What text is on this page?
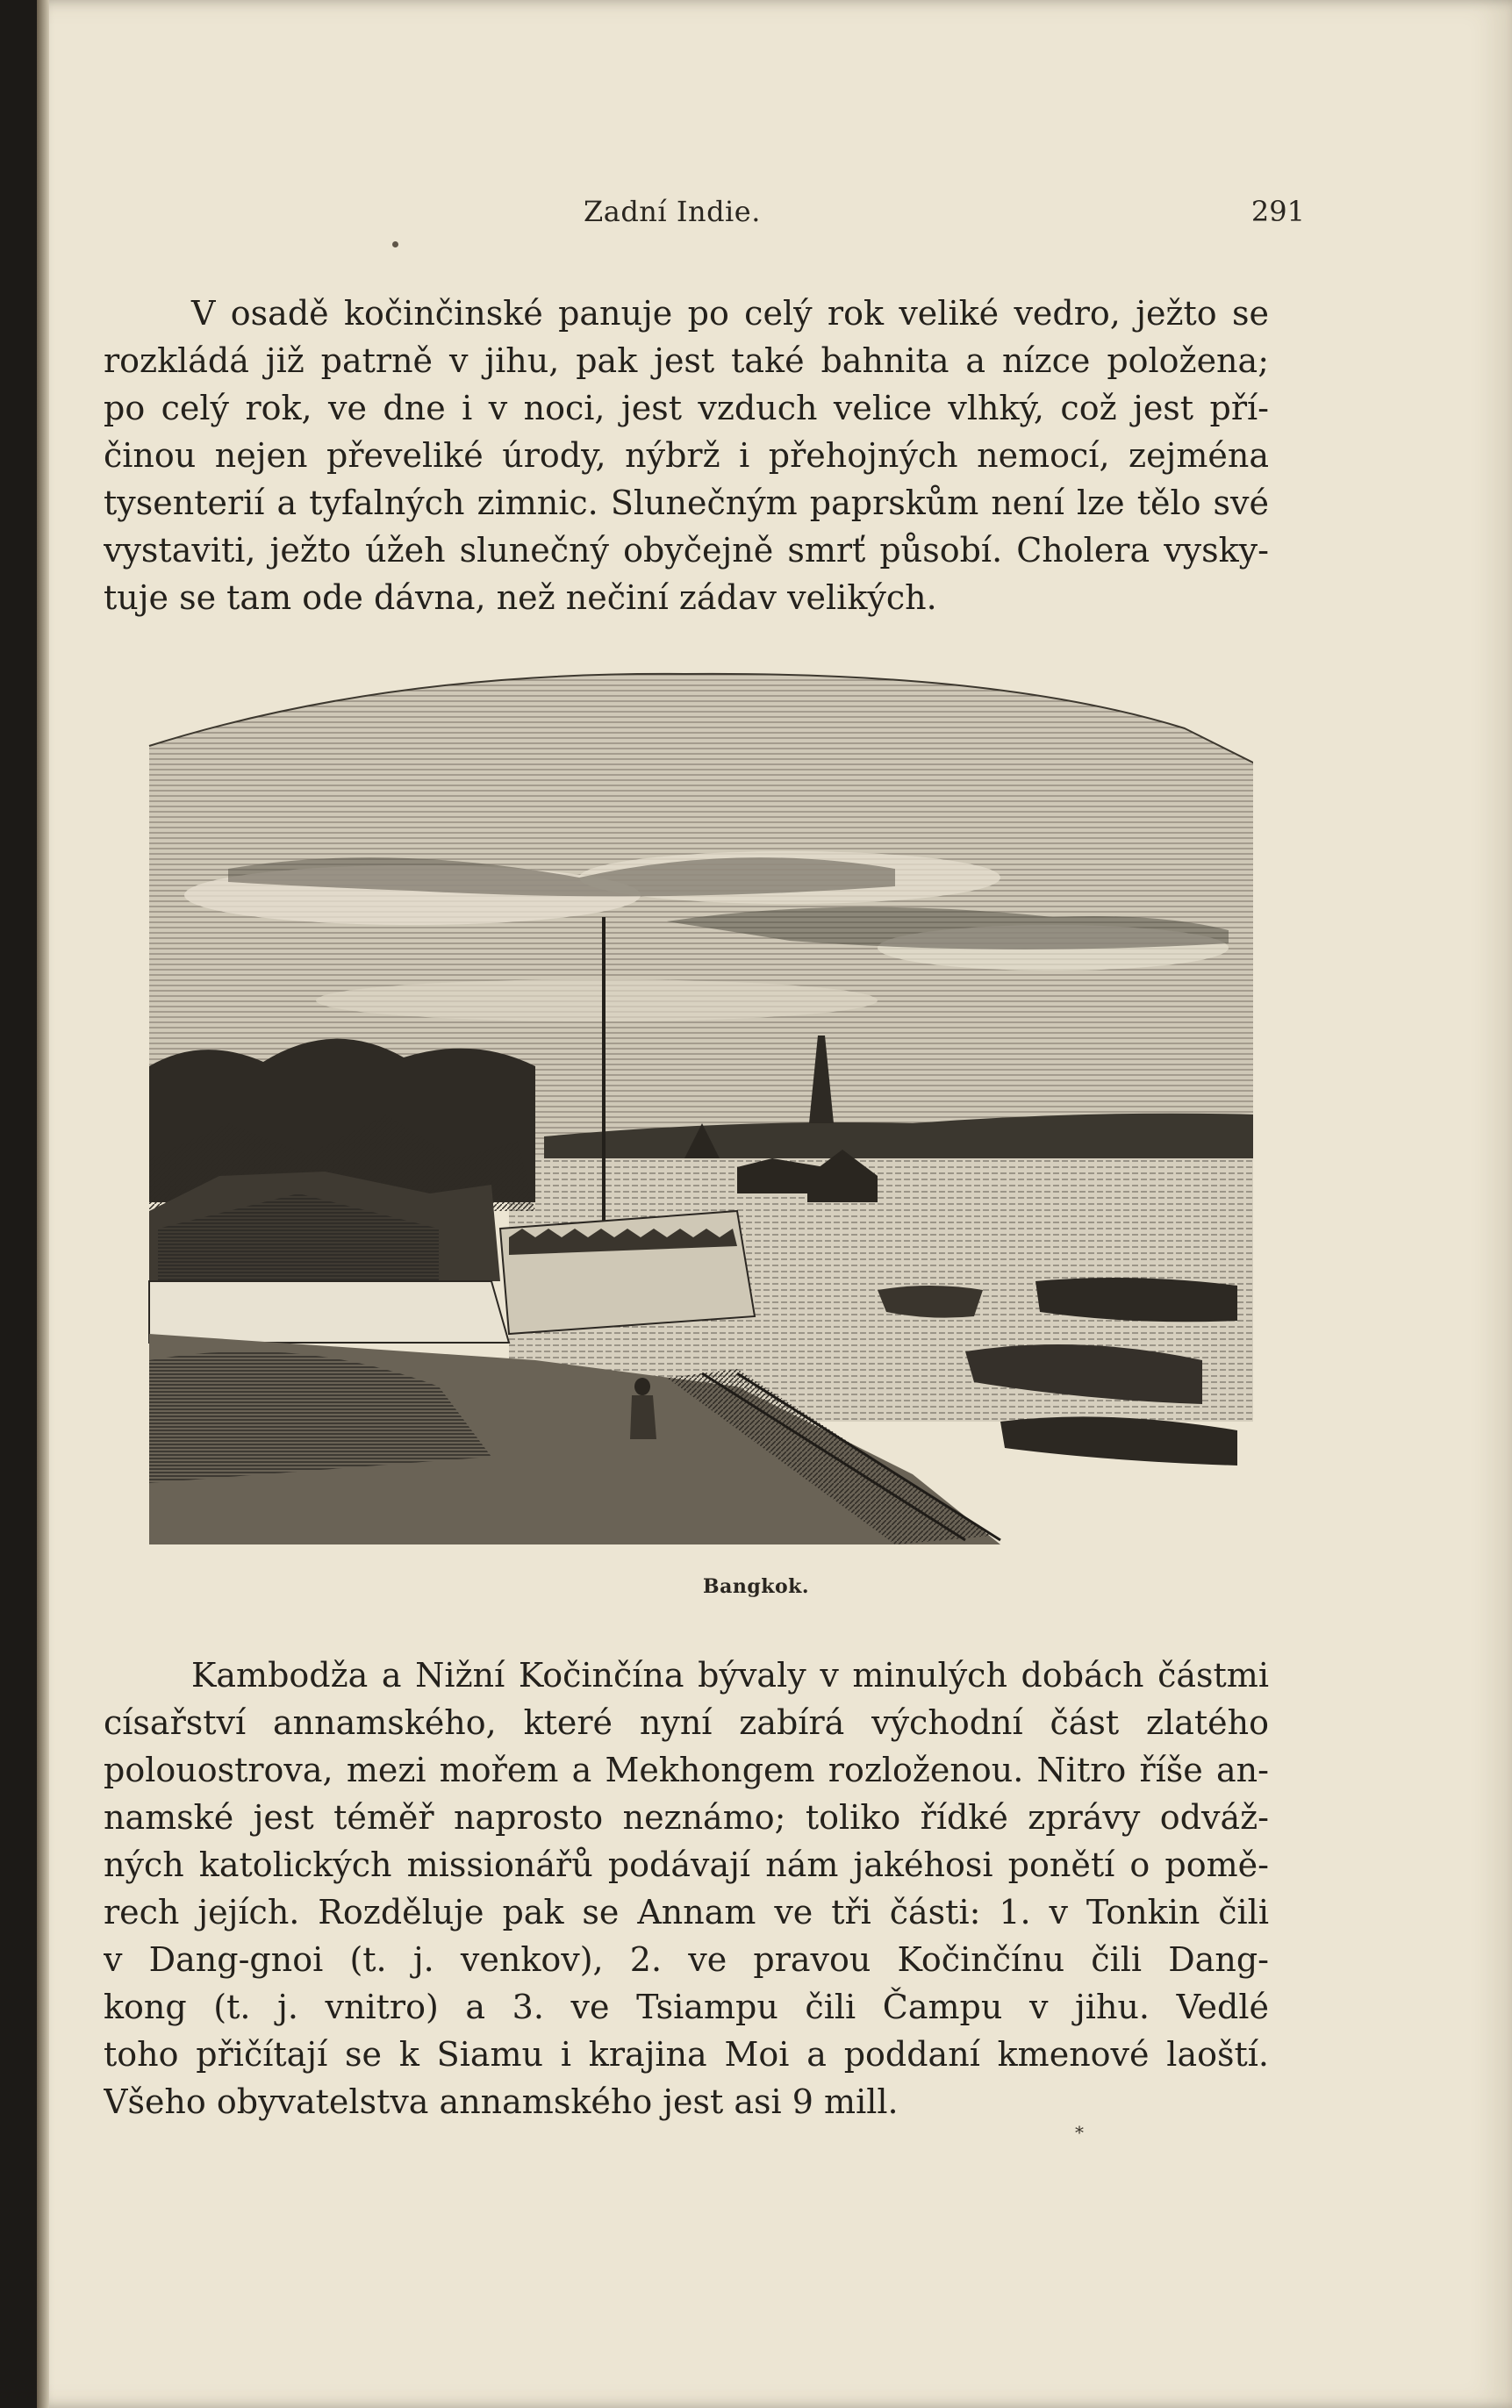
Zadní Indie.	291
V osadě kočinčinské panuje po celý rok veliké vedro, ježto se
rozkládá již patrně v jihu, pak jest také bahnita a nízce položena;
po celý rok, ve dne i v noci, jest vzduch velice vlhký, což jest pří-
činou nejen převeliké úrody, nýbrž i přehojných nemocí, zejména
tysenterií a tyfalných zimnic. Slunečným paprskům není lze tělo své
vystaviti, ježto úžeh slunečný obyčejně smrť působí. Cholera vysky-
tuje se tam ode dávna, než nečiní zádav velikých.
Bangkok.
Kambodža a Nižní Kočinčína bývaly v minulých dobách částmi
císařství annamského, které nyní zabírá východní část zlatého
polouostrova, mezi mořem a Mekhongem rozloženou. Nitro říše an-
namské jest téměř naprosto neznámo; toliko řídké zprávy odváž-
ných katolických missionářů podávají nám jakéhosi ponětí o pomě-
rech jejích. Rozděluje pak se Annam ve tři části: 1. v Tonkin čili
v Dang-gnoi (t. j. venkov), 2. ve pravou Kočinčínu čili Dang-
kong (t. j. vnitro) a 3. ve Tsiampu čili Čampu v jihu. Vedlé
toho přičítají se k Siamu i krajina Moi a poddaní kmenové laoští.
Všeho obyvatelstva annamského jest asi 9 mill.
*
